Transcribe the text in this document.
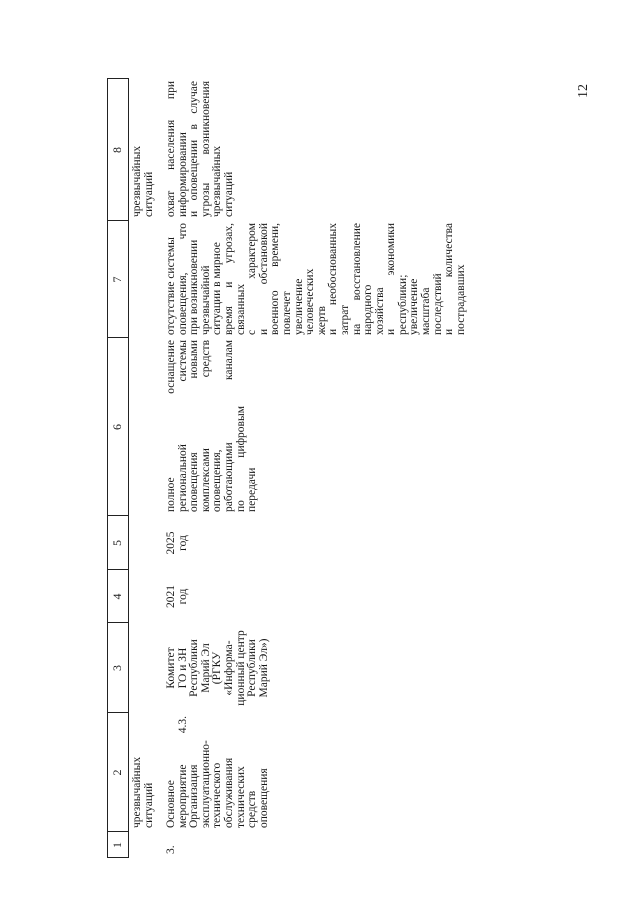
12
1
2
3
4
5
6
7
8

чрезвычайных ситуаций

чрезвычайных ситуаций

3.

Основное мероприятие 4.3. Организация эксплуатационно- технического обслуживания технических средств оповещения

Комитет ГО и ЗН Республики Марий Эл (РГКУ «Информа- ционный центр Республики Марий Эл»)

2021 год

2025 год

полное региональной оповещения комплексами оповещения, работающими по цифровым передачи

оснащение системы новыми средств

каналам

отсутствие системы оповещения, что при возникновении чрезвычайной ситуации в мирное время и угрозах, связанных с характером и обстановкой военного времени, повлечет увеличение человеческих жертв и необоснованных затрат на восстановление народного хозяйства и экономики республики; увеличение масштаба последствий и количества пострадавших

охват населения при информировании и оповещении в случае угрозы возникновения чрезвычайных ситуаций
